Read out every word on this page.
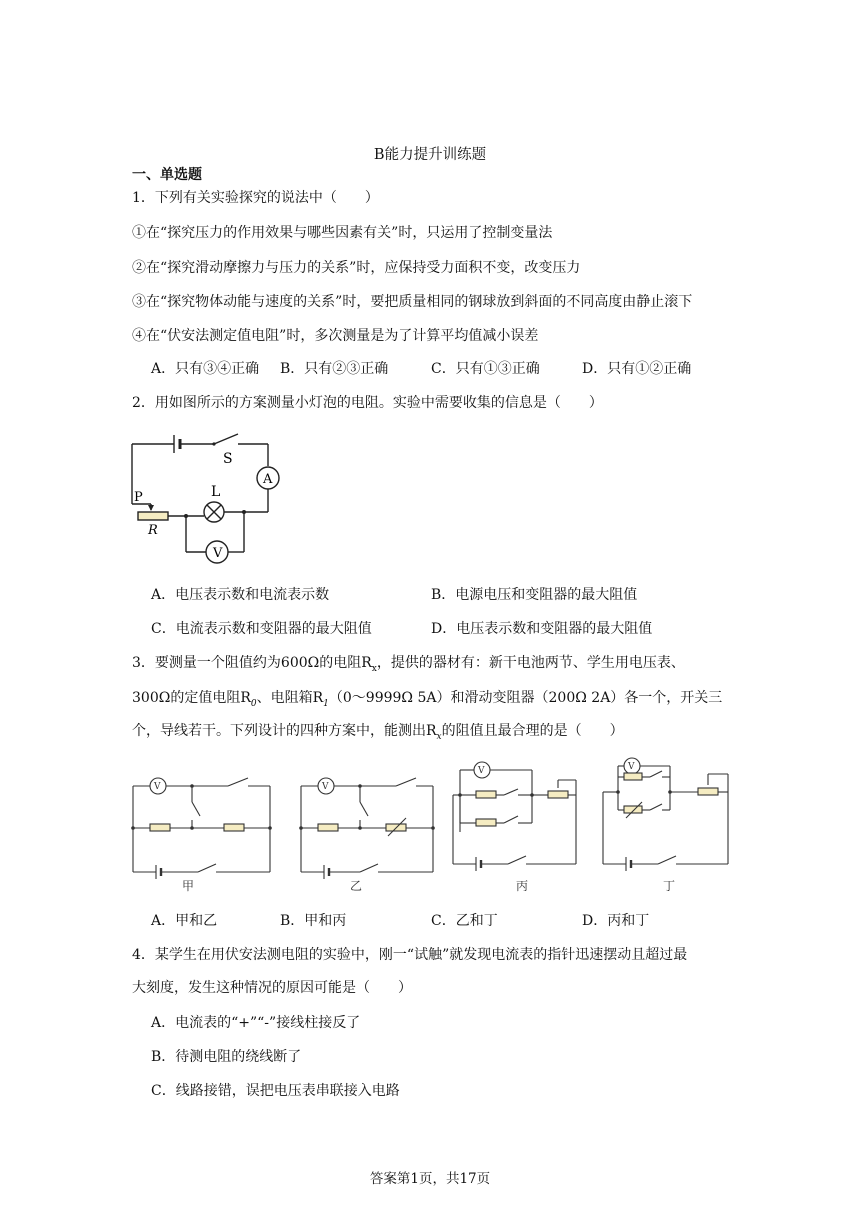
B能力提升训练题
一、单选题
1．下列有关实验探究的说法中（　　）
①在“探究压力的作用效果与哪些因素有关”时，只运用了控制变量法
②在“探究滑动摩擦力与压力的关系”时，应保持受力面积不变，改变压力
③在“探究物体动能与速度的关系”时，要把质量相同的钢球放到斜面的不同高度由静止滚下
④在“伏安法测定值电阻”时，多次测量是为了计算平均值减小误差
A．只有③④正确 B．只有②③正确	C．只有①③正确	D．只有①②正确
2．用如图所示的方案测量小灯泡的电阻。实验中需要收集的信息是（　　）
S
A
L
V
P
R
A．电压表示数和电流表示数	B．电源电压和变阻器的最大阻值
C．电流表示数和变阻器的最大阻值	D．电压表示数和变阻器的最大阻值
3．要测量一个阻值约为600Ω的电阻$R_x$，提供的器材有：新干电池两节、学生用电压表、
300Ω的定值电阻$R_0$、电阻箱$R_1(0\sim 9999\Omega$ 5A）和滑动变阻器（200Ω 2A）各一个，开关三
个，导线若干。下列设计的四种方案中，能测出$R_x$的阻值且最合理的是（　　）
V	V
V	V
甲	乙	丙	丁
A．甲和乙	B．甲和丙	C．乙和丁	D．丙和丁
4．某学生在用伏安法测电阻的实验中，刚一“试触”就发现电流表的指针迅速摆动且超过最
大刻度，发生这种情况的原因可能是（　　）
A．电流表的“+”“-”接线柱接反了
B．待测电阻的绕线断了
C．线路接错，误把电压表串联接入电路
答案第1页，共17页
